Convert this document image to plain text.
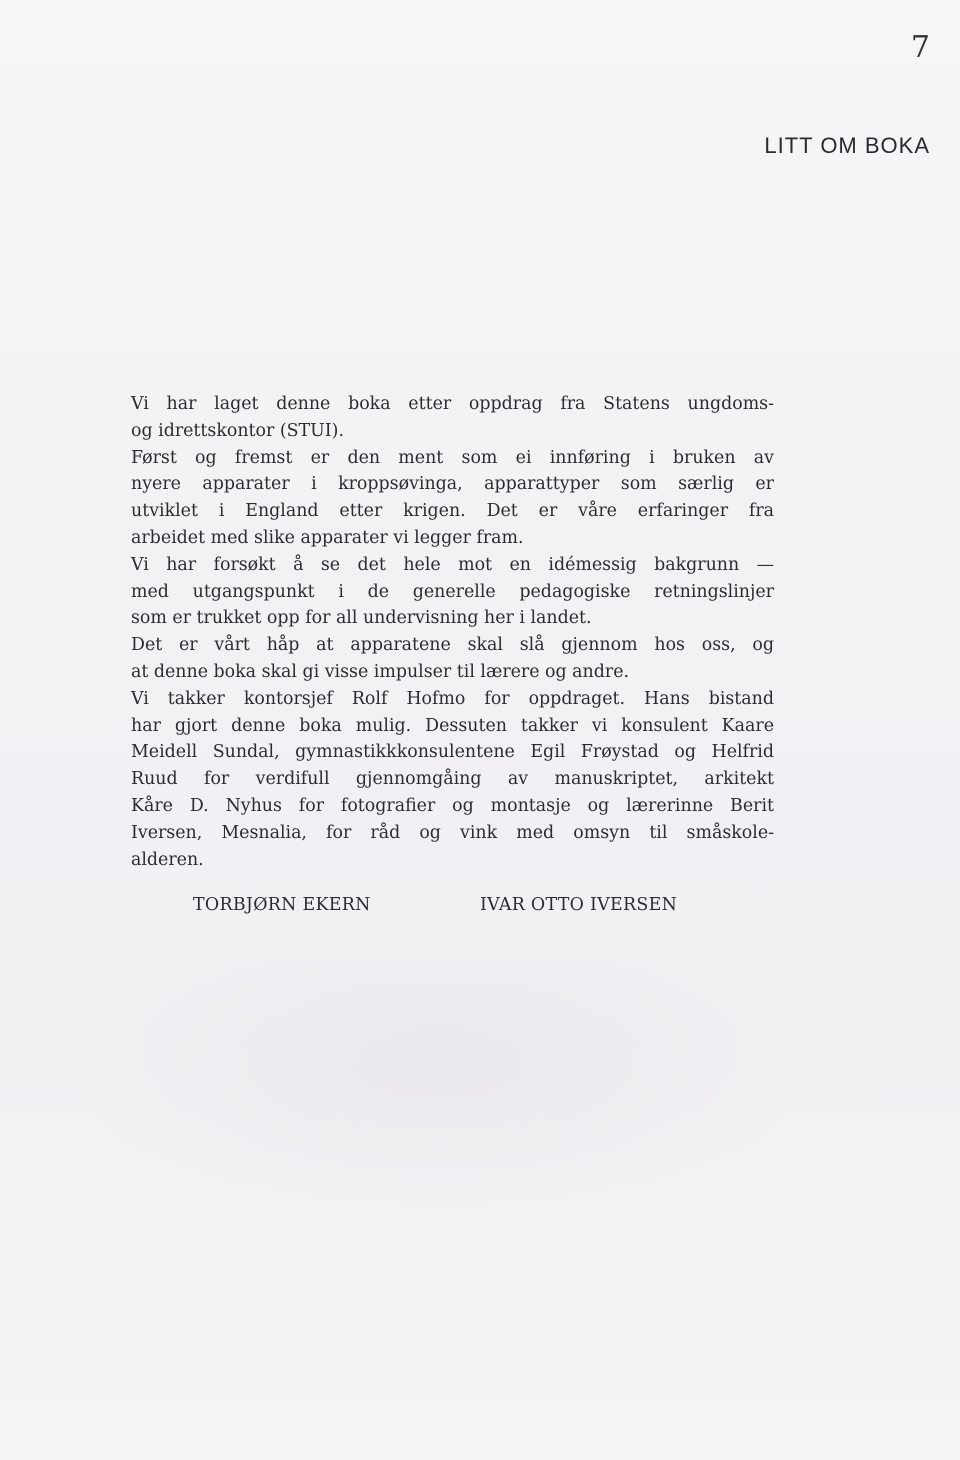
7
LITT OM BOKA

Vi har laget denne boka etter oppdrag fra Statens ungdoms-

og idrettskontor (STUI).

Først og fremst er den ment som ei innføring i bruken av

nyere apparater i kroppsøvinga, apparattyper som særlig er

utviklet i England etter krigen. Det er våre erfaringer fra

arbeidet med slike apparater vi legger fram.

Vi har forsøkt å se det hele mot en idémessig bakgrunn —

med utgangspunkt i de generelle pedagogiske retningslinjer

som er trukket opp for all undervisning her i landet.

Det er vårt håp at apparatene skal slå gjennom hos oss, og

at denne boka skal gi visse impulser til lærere og andre.

Vi takker kontorsjef Rolf Hofmo for oppdraget. Hans bistand

har gjort denne boka mulig. Dessuten takker vi konsulent Kaare

Meidell Sundal, gymnastikkkonsulentene Egil Frøystad og Helfrid

Ruud for verdifull gjennomgåing av manuskriptet, arkitekt

Kåre D. Nyhus for fotografier og montasje og lærerinne Berit

Iversen, Mesnalia, for råd og vink med omsyn til småskole-

alderen.

TORBJØRN EKERN	IVAR OTTO IVERSEN
